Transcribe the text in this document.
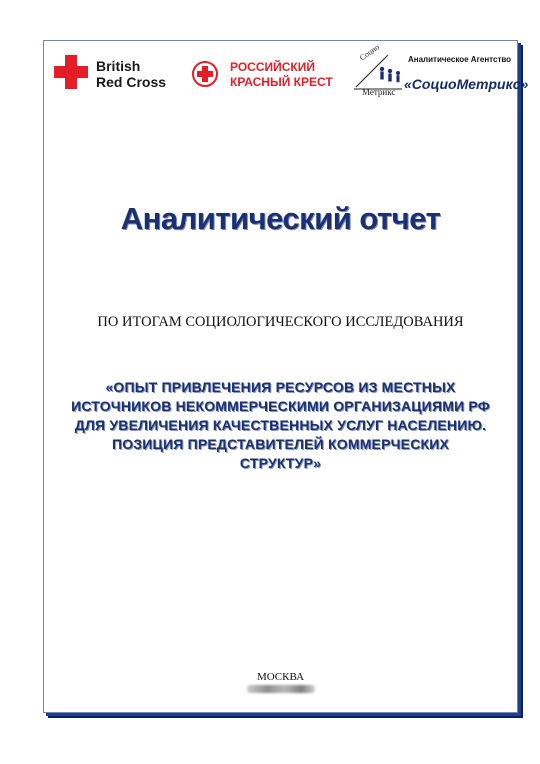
British
Red Cross
РОССИЙСКИЙ
КРАСНЫЙ КРЕСТ
Социо
Метрикс
Аналитическое Агентство
«СоциоМетрикс»
Аналитический отчет
ПО ИТОГАМ СОЦИОЛОГИЧЕСКОГО ИССЛЕДОВАНИЯ
«ОПЫТ ПРИВЛЕЧЕНИЯ РЕСУРСОВ ИЗ МЕСТНЫХ
ИСТОЧНИКОВ НЕКОММЕРЧЕСКИМИ ОРГАНИЗАЦИЯМИ РФ
ДЛЯ УВЕЛИЧЕНИЯ КАЧЕСТВЕННЫХ УСЛУГ НАСЕЛЕНИЮ.
ПОЗИЦИЯ ПРЕДСТАВИТЕЛЕЙ КОММЕРЧЕСКИХ
СТРУКТУР»
МОСКВА
